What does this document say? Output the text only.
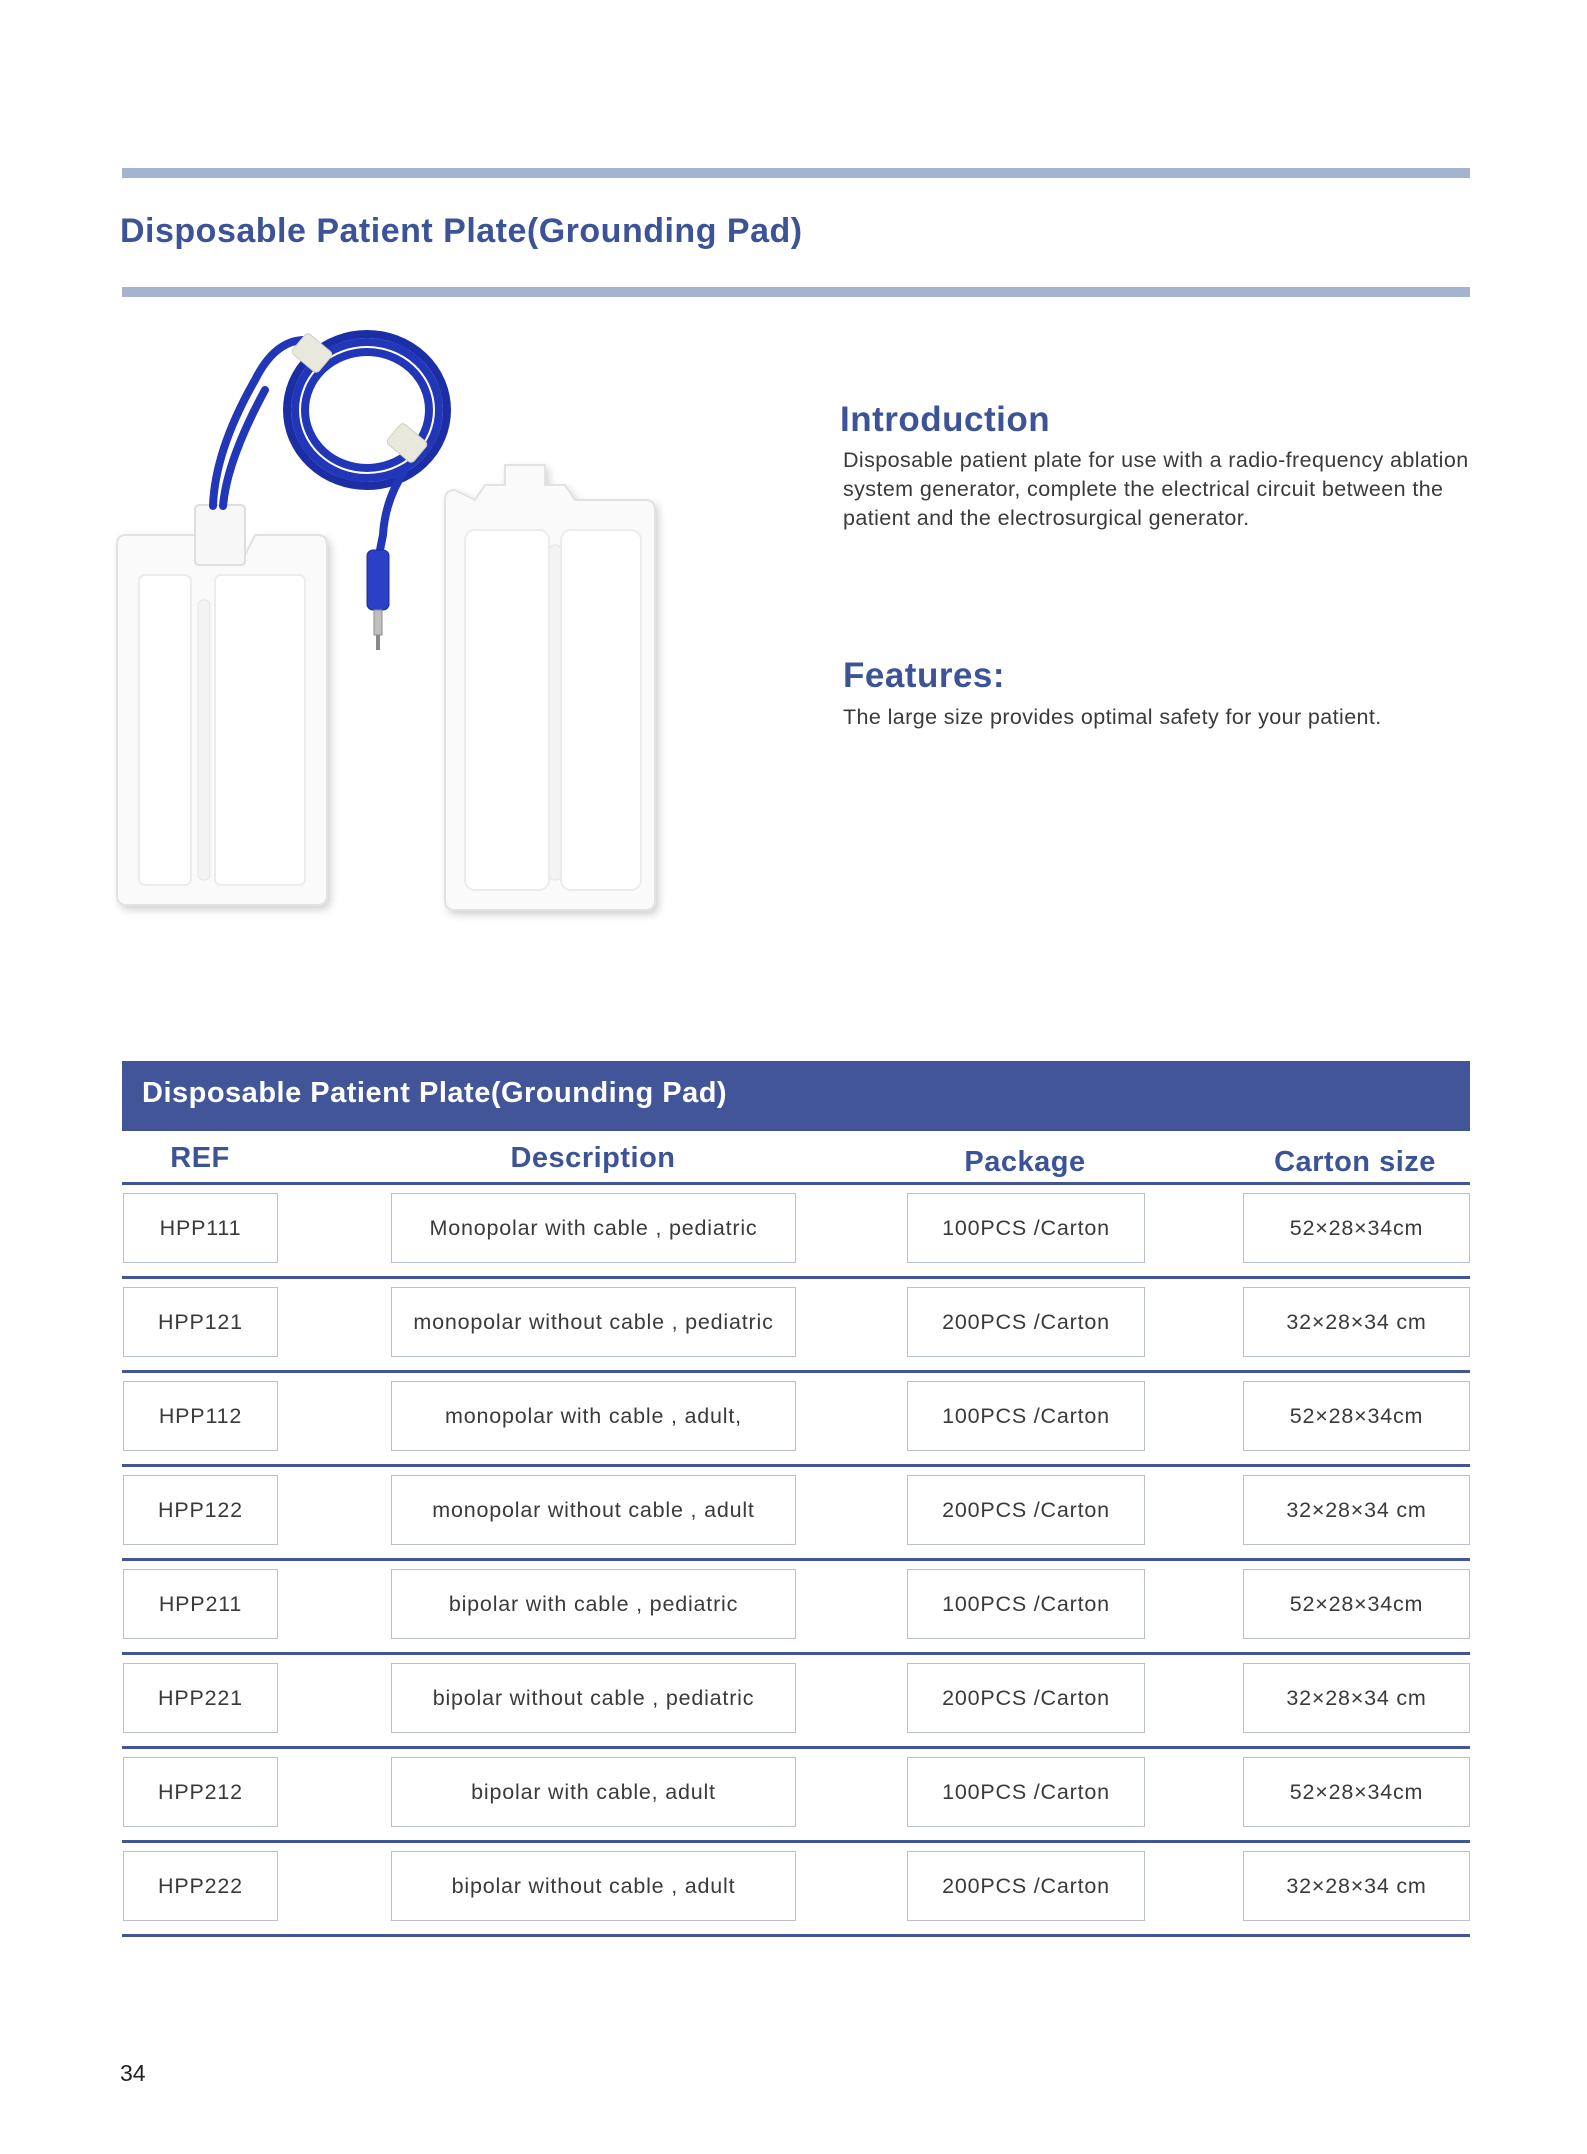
Disposable Patient Plate(Grounding Pad)
Introduction
Disposable patient plate for use with a radio-frequency ablation system generator, complete the electrical circuit between the patient and the electrosurgical generator.
Features:
The large size provides optimal safety for your patient.
Disposable Patient Plate(Grounding Pad)
REF	Description	Package	Carton size
HPP111	Monopolar with cable , pediatric	100PCS /Carton	52×28×34cm
HPP121	monopolar without cable , pediatric	200PCS /Carton	32×28×34 cm
HPP112	monopolar with cable , adult,	100PCS /Carton	52×28×34cm
HPP122	monopolar without cable , adult	200PCS /Carton	32×28×34 cm
HPP211	bipolar with cable , pediatric	100PCS /Carton	52×28×34cm
HPP221	bipolar without cable , pediatric	200PCS /Carton	32×28×34 cm
HPP212	bipolar with cable, adult	100PCS /Carton	52×28×34cm
HPP222	bipolar without cable , adult	200PCS /Carton	32×28×34 cm
34
